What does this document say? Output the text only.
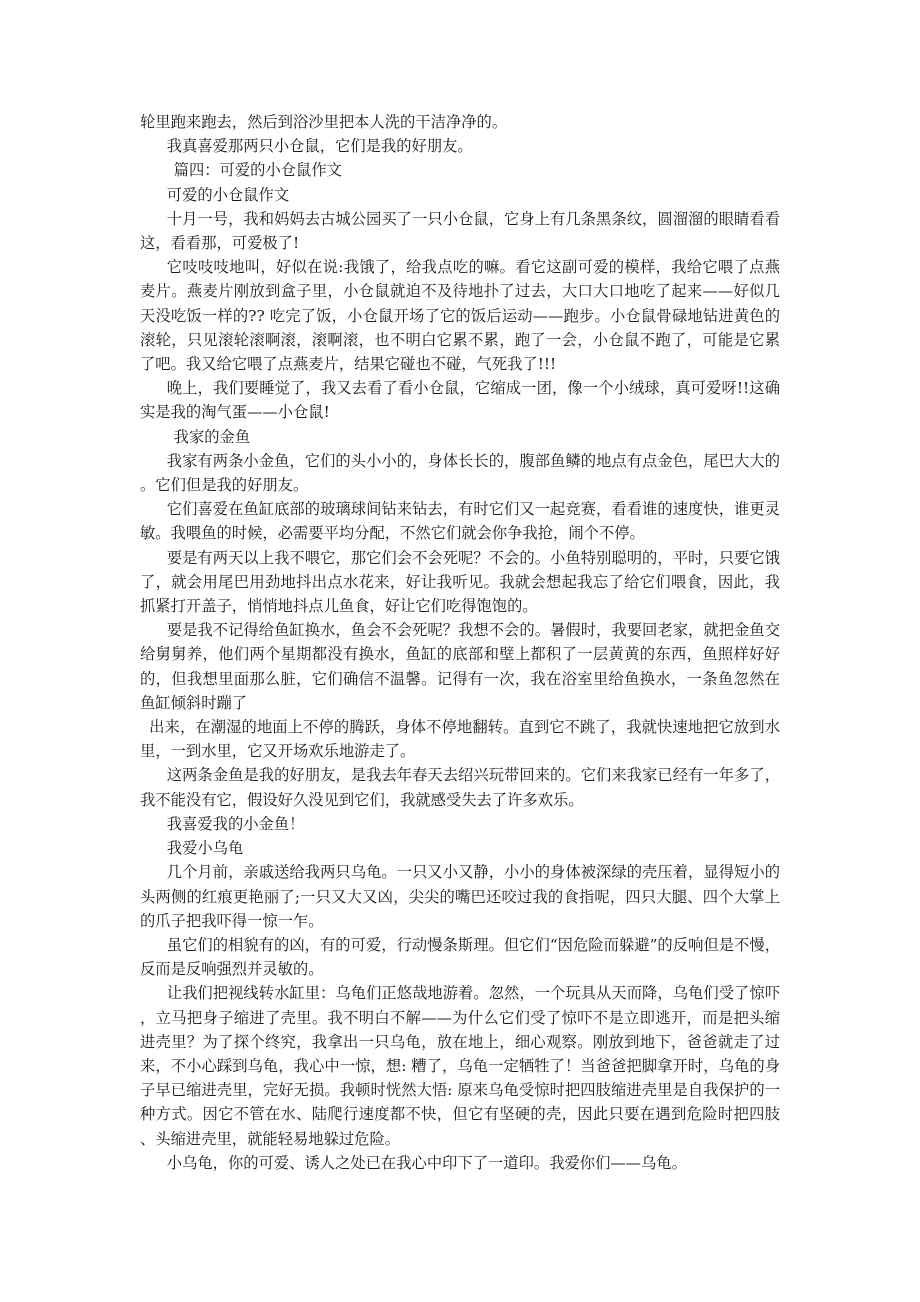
轮里跑来跑去，然后到浴沙里把本人洗的干洁净净的。

我真喜爱那两只小仓鼠，它们是我的好朋友。

篇四：可爱的小仓鼠作文

可爱的小仓鼠作文

十月一号，我和妈妈去古城公园买了一只小仓鼠，它身上有几条黑条纹，圆溜溜的眼睛看看这，看看那，可爱极了!

它吱吱吱地叫，好似在说:我饿了，给我点吃的嘛。看它这副可爱的模样，我给它喂了点燕麦片。燕麦片刚放到盒子里，小仓鼠就迫不及待地扑了过去，大口大口地吃了起来——好似几天没吃饭一样的?? 吃完了饭，小仓鼠开场了它的饭后运动——跑步。小仓鼠骨碌地钻进黄色的滚轮，只见滚轮滚啊滚，滚啊滚，也不明白它累不累，跑了一会，小仓鼠不跑了，可能是它累了吧。我又给它喂了点燕麦片，结果它碰也不碰，气死我了!!!

晚上，我们要睡觉了，我又去看了看小仓鼠，它缩成一团，像一个小绒球，真可爱呀!!这确实是我的淘气蛋——小仓鼠!

我家的金鱼

我家有两条小金鱼，它们的头小小的，身体长长的，腹部鱼鳞的地点有点金色，尾巴大大的。它们但是我的好朋友。

它们喜爱在鱼缸底部的玻璃球间钻来钻去，有时它们又一起竞赛，看看谁的速度快，谁更灵敏。我喂鱼的时候，必需要平均分配，不然它们就会你争我抢，闹个不停。

要是有两天以上我不喂它，那它们会不会死呢？不会的。小鱼特别聪明的，平时，只要它饿了，就会用尾巴用劲地抖出点水花来，好让我听见。我就会想起我忘了给它们喂食，因此，我抓紧打开盖子，悄悄地抖点儿鱼食，好让它们吃得饱饱的。

要是我不记得给鱼缸换水，鱼会不会死呢？我想不会的。暑假时，我要回老家，就把金鱼交给舅舅养，他们两个星期都没有换水，鱼缸的底部和壁上都积了一层黄黄的东西，鱼照样好好的，但我想里面那么脏，它们确信不温馨。记得有一次，我在浴室里给鱼换水，一条鱼忽然在鱼缸倾斜时蹦了

出来，在潮湿的地面上不停的腾跃，身体不停地翻转。直到它不跳了，我就快速地把它放到水里，一到水里，它又开场欢乐地游走了。

这两条金鱼是我的好朋友，是我去年春天去绍兴玩带回来的。它们来我家已经有一年多了，我不能没有它，假设好久没见到它们，我就感受失去了许多欢乐。

我喜爱我的小金鱼！

我爱小乌龟

几个月前，亲戚送给我两只乌龟。一只又小又静，小小的身体被深绿的壳压着，显得短小的头两侧的红痕更艳丽了;一只又大又凶，尖尖的嘴巴还咬过我的食指呢，四只大腿、四个大掌上的爪子把我吓得一惊一乍。

虽它们的相貌有的凶，有的可爱，行动慢条斯理。但它们“因危险而躲避”的反响但是不慢，反而是反响强烈并灵敏的。

让我们把视线转水缸里：乌龟们正悠哉地游着。忽然，一个玩具从天而降，乌龟们受了惊吓，立马把身子缩进了壳里。我不明白不解——为什么它们受了惊吓不是立即逃开，而是把头缩进壳里？为了探个终究，我拿出一只乌龟，放在地上，细心观察。刚放到地下，爸爸就走了过来，不小心踩到乌龟，我心中一惊，想: 糟了，乌龟一定牺牲了！当爸爸把脚拿开时，乌龟的身子早已缩进壳里，完好无损。我顿时恍然大悟: 原来乌龟受惊时把四肢缩进壳里是自我保护的一种方式。因它不管在水、陆爬行速度都不快，但它有坚硬的壳，因此只要在遇到危险时把四肢、头缩进壳里，就能轻易地躲过危险。

小乌龟，你的可爱、诱人之处已在我心中印下了一道印。我爱你们——乌龟。
